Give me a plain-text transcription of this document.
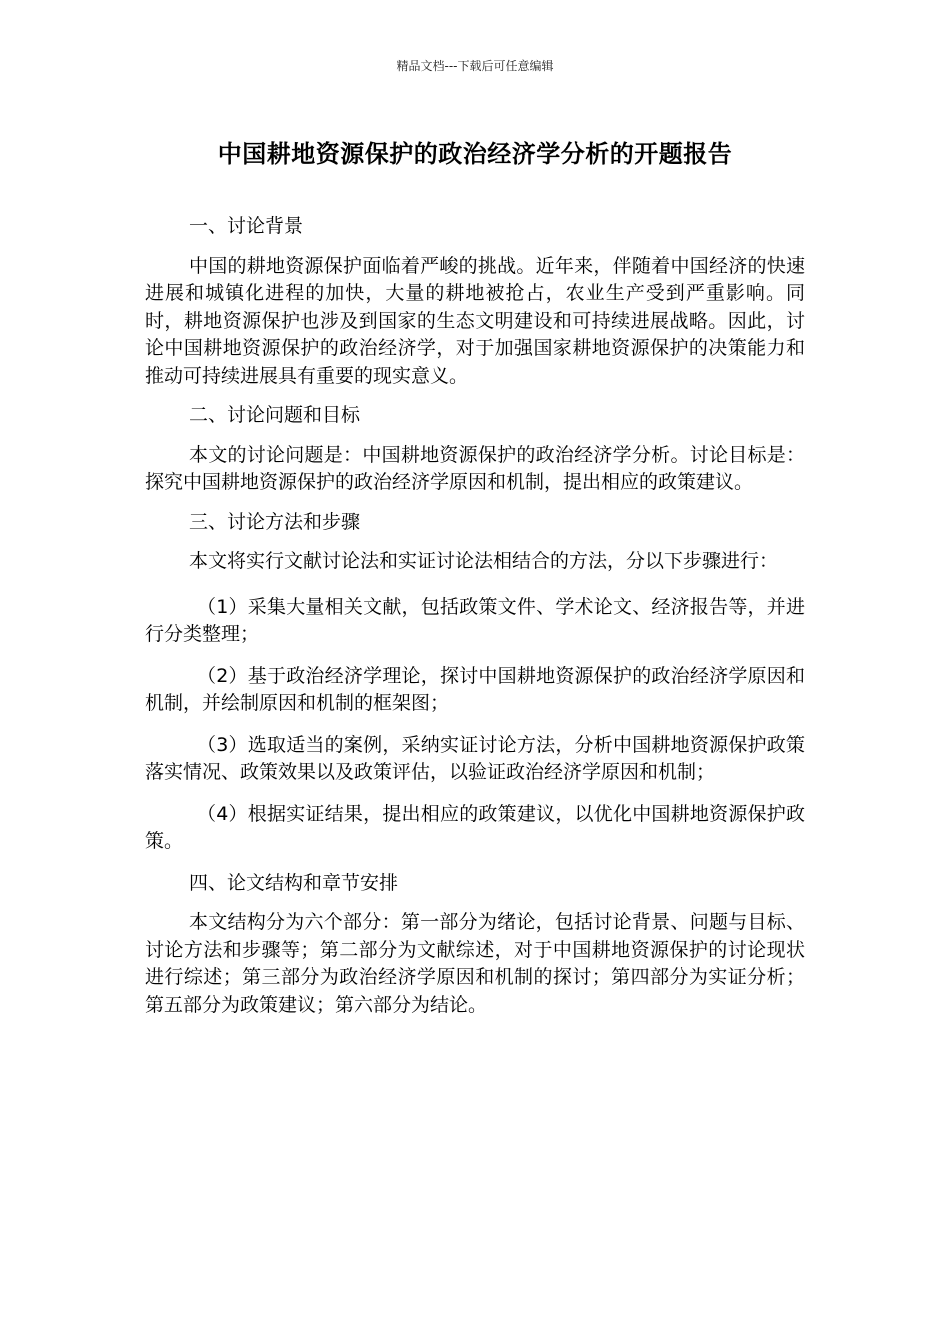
精品文档---下载后可任意编辑
中国耕地资源保护的政治经济学分析的开题报告

一、讨论背景

中国的耕地资源保护面临着严峻的挑战。近年来，伴随着中国经济的快速进展和城镇化进程的加快，大量的耕地被抢占，农业生产受到严重影响。同时，耕地资源保护也涉及到国家的生态文明建设和可持续进展战略。因此，讨论中国耕地资源保护的政治经济学，对于加强国家耕地资源保护的决策能力和推动可持续进展具有重要的现实意义。

二、讨论问题和目标

本文的讨论问题是：中国耕地资源保护的政治经济学分析。讨论目标是：探究中国耕地资源保护的政治经济学原因和机制，提出相应的政策建议。

三、讨论方法和步骤

本文将实行文献讨论法和实证讨论法相结合的方法，分以下步骤进行：

（1）采集大量相关文献，包括政策文件、学术论文、经济报告等，并进行分类整理；

（2）基于政治经济学理论，探讨中国耕地资源保护的政治经济学原因和机制，并绘制原因和机制的框架图；

（3）选取适当的案例，采纳实证讨论方法，分析中国耕地资源保护政策落实情况、政策效果以及政策评估，以验证政治经济学原因和机制；

（4）根据实证结果，提出相应的政策建议，以优化中国耕地资源保护政策。

四、论文结构和章节安排

本文结构分为六个部分：第一部分为绪论，包括讨论背景、问题与目标、讨论方法和步骤等；第二部分为文献综述，对于中国耕地资源保护的讨论现状进行综述；第三部分为政治经济学原因和机制的探讨；第四部分为实证分析；第五部分为政策建议；第六部分为结论。
